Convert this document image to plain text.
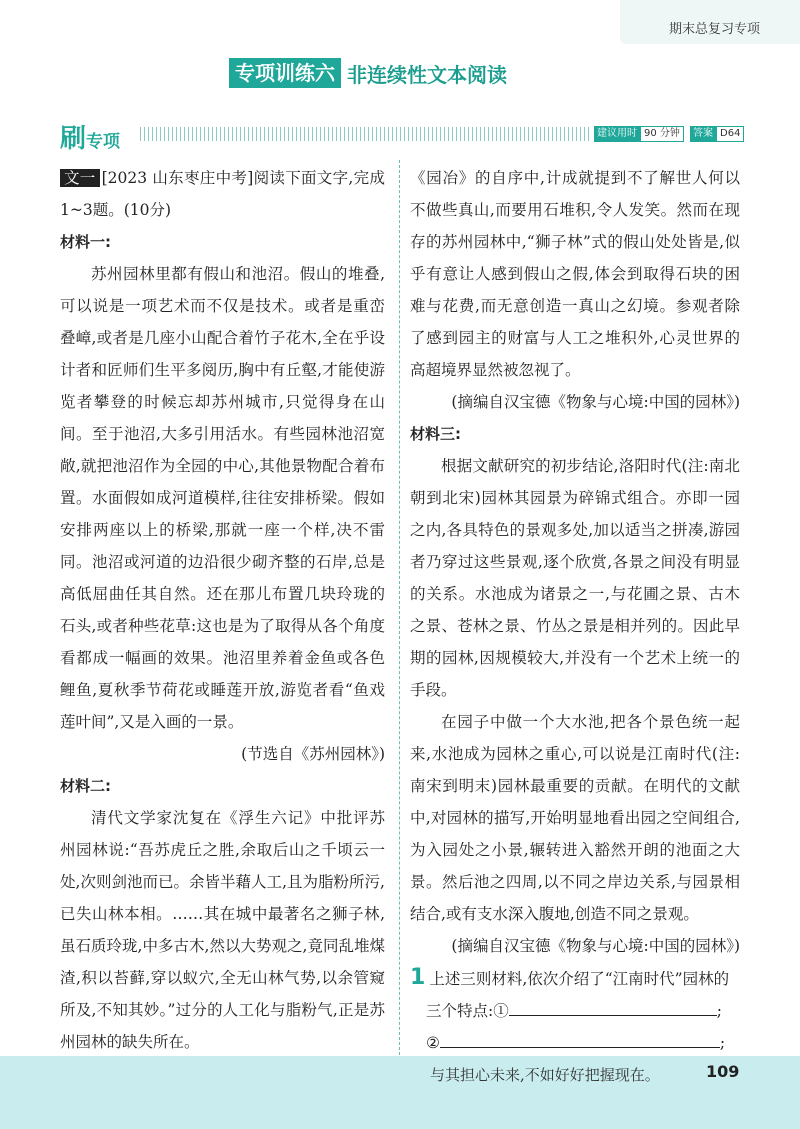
期末总复习专项
专项训练六 非连续性文本阅读
刷专项	建议用时 90 分钟	答案 D64

文一 [2023 山东枣庄中考]阅读下面文字,完成1~3题。(10分)

材料一:

苏州园林里都有假山和池沼。假山的堆叠,可以说是一项艺术而不仅是技术。或者是重峦叠嶂,或者是几座小山配合着竹子花木,全在乎设计者和匠师们生平多阅历,胸中有丘壑,才能使游览者攀登的时候忘却苏州城市,只觉得身在山间。至于池沼,大多引用活水。有些园林池沼宽敞,就把池沼作为全园的中心,其他景物配合着布置。水面假如成河道模样,往往安排桥梁。假如安排两座以上的桥梁,那就一座一个样,决不雷同。池沼或河道的边沿很少砌齐整的石岸,总是高低屈曲任其自然。还在那儿布置几块玲珑的石头,或者种些花草:这也是为了取得从各个角度看都成一幅画的效果。池沼里养着金鱼或各色鲤鱼,夏秋季节荷花或睡莲开放,游览者看“鱼戏莲叶间”,又是入画的一景。

(节选自《苏州园林》)

材料二:

清代文学家沈复在《浮生六记》中批评苏州园林说:“吾苏虎丘之胜,余取后山之千顷云一处,次则剑池而已。余皆半藉人工,且为脂粉所污,已失山林本相。……其在城中最著名之狮子林,虽石质玲珑,中多古木,然以大势观之,竟同乱堆煤渣,积以苔藓,穿以蚁穴,全无山林气势,以余管窥所及,不知其妙。”过分的人工化与脂粉气,正是苏州园林的缺失所在。

《园冶》的自序中,计成就提到不了解世人何以不做些真山,而要用石堆积,令人发笑。然而在现存的苏州园林中,“狮子林”式的假山处处皆是,似乎有意让人感到假山之假,体会到取得石块的困难与花费,而无意创造一真山之幻境。参观者除了感到园主的财富与人工之堆积外,心灵世界的高超境界显然被忽视了。

(摘编自汉宝德《物象与心境:中国的园林》)

材料三:

根据文献研究的初步结论,洛阳时代(注:南北朝到北宋)园林其园景为碎锦式组合。亦即一园之内,各具特色的景观多处,加以适当之拼凑,游园者乃穿过这些景观,逐个欣赏,各景之间没有明显的关系。水池成为诸景之一,与花圃之景、古木之景、苍林之景、竹丛之景是相并列的。因此早期的园林,因规模较大,并没有一个艺术上统一的手段。

在园子中做一个大水池,把各个景色统一起来,水池成为园林之重心,可以说是江南时代(注:南宋到明末)园林最重要的贡献。在明代的文献中,对园林的描写,开始明显地看出园之空间组合,为入园处之小景,辗转进入豁然开朗的池面之大景。然后池之四周,以不同之岸边关系,与园景相结合,或有支水深入腹地,创造不同之景观。

(摘编自汉宝德《物象与心境:中国的园林》)

1 上述三则材料,依次介绍了“江南时代”园林的

三个特点:①	;

②	;

与其担心未来,不如好好把握现在。	109
